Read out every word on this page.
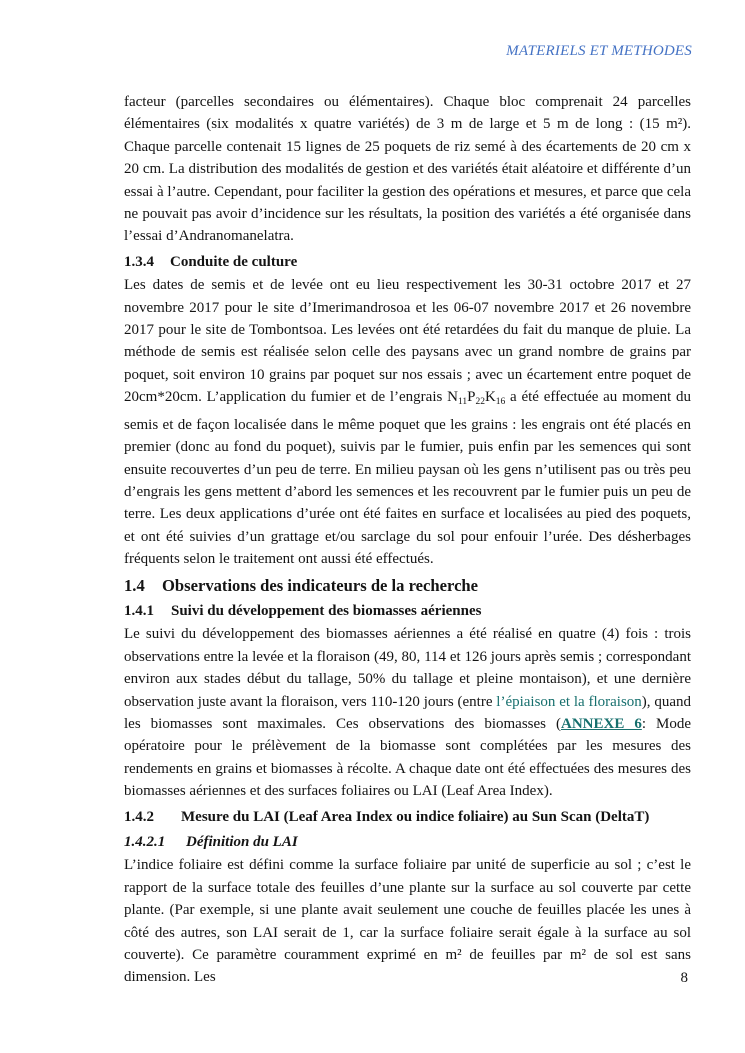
MATERIELS ET METHODES

facteur (parcelles secondaires ou élémentaires). Chaque bloc comprenait 24 parcelles élémentaires (six modalités x quatre variétés) de 3 m de large et 5 m de long : (15 m²). Chaque parcelle contenait 15 lignes de 25 poquets de riz semé à des écartements de 20 cm x 20 cm. La distribution des modalités de gestion et des variétés était aléatoire et différente d’un essai à l’autre. Cependant, pour faciliter la gestion des opérations et mesures, et parce que cela ne pouvait pas avoir d’incidence sur les résultats, la position des variétés a été organisée dans l’essai d’Andranomanelatra.

1.3.4 Conduite de culture

Les dates de semis et de levée ont eu lieu respectivement les 30-31 octobre 2017 et 27 novembre 2017 pour le site d’Imerimandrosoa et les 06-07 novembre 2017 et 26 novembre 2017 pour le site de Tombontsoa. Les levées ont été retardées du fait du manque de pluie. La méthode de semis est réalisée selon celle des paysans avec un grand nombre de grains par poquet, soit environ 10 grains par poquet sur nos essais ; avec un écartement entre poquet de 20cm*20cm. L’application du fumier et de l’engrais $N_{11}P_{22}K_{16}$ a été effectuée au moment du semis et de façon localisée dans le même poquet que les grains : les engrais ont été placés en premier (donc au fond du poquet), suivis par le fumier, puis enfin par les semences qui sont ensuite recouvertes d’un peu de terre. En milieu paysan où les gens n’utilisent pas ou très peu d’engrais les gens mettent d’abord les semences et les recouvrent par le fumier puis un peu de terre. Les deux applications d’urée ont été faites en surface et localisées au pied des poquets, et ont été suivies d’un grattage et/ou sarclage du sol pour enfouir l’urée. Des désherbages fréquents selon le traitement ont aussi été effectués.

1.4 Observations des indicateurs de la recherche

1.4.1 Suivi du développement des biomasses aériennes

Le suivi du développement des biomasses aériennes a été réalisé en quatre (4) fois : trois observations entre la levée et la floraison (49, 80, 114 et 126 jours après semis ; correspondant environ aux stades début du tallage, 50% du tallage et pleine montaison), et une dernière observation juste avant la floraison, vers 110-120 jours (entre l’épiaison et la floraison), quand les biomasses sont maximales. Ces observations des biomasses (ANNEXE 6: Mode opératoire pour le prélèvement de la biomasse sont complétées par les mesures des rendements en grains et biomasses à récolte. A chaque date ont été effectuées des mesures des biomasses aériennes et des surfaces foliaires ou LAI (Leaf Area Index).

1.4.2 Mesure du LAI (Leaf Area Index ou indice foliaire) au Sun Scan (DeltaT)

1.4.2.1 Définition du LAI

L’indice foliaire est défini comme la surface foliaire par unité de superficie au sol ; c’est le rapport de la surface totale des feuilles d’une plante sur la surface au sol couverte par cette plante. (Par exemple, si une plante avait seulement une couche de feuilles placée les unes à côté des autres, son LAI serait de 1, car la surface foliaire serait égale à la surface au sol couverte). Ce paramètre couramment exprimé en m² de feuilles par m² de sol est sans dimension. Les	8
